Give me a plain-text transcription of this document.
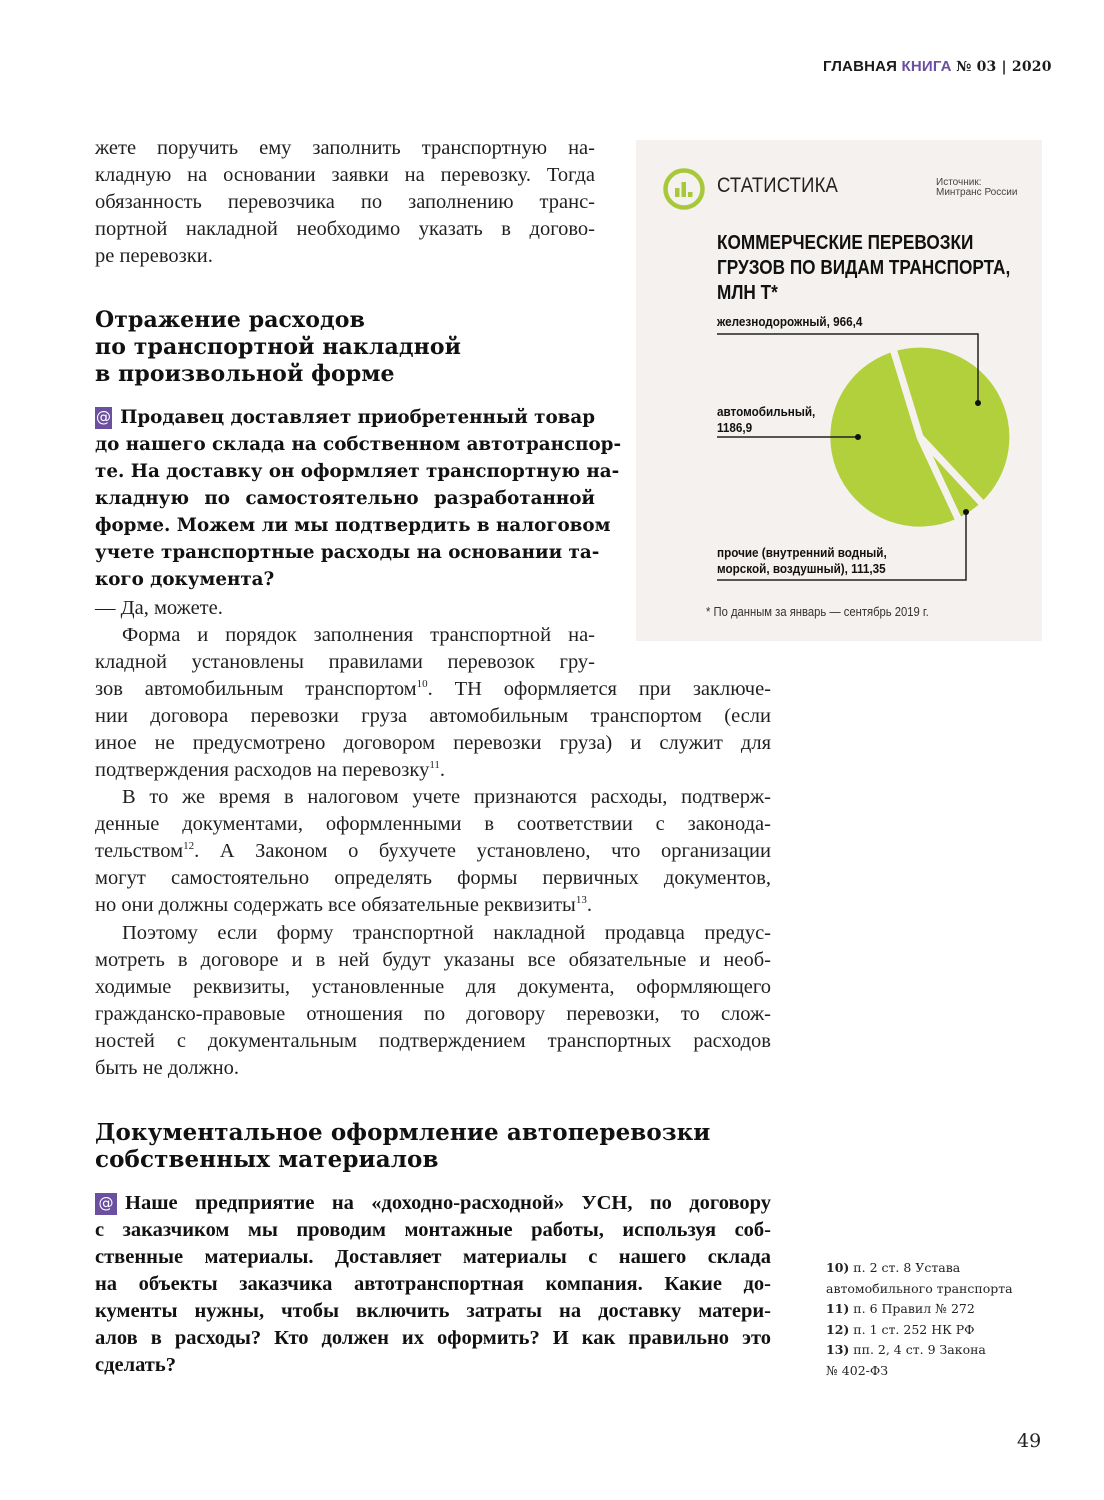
ГЛАВНАЯ КНИГА № 03 | 2020
жете поручить ему заполнить транспортную на-
кладную на основании заявки на перевозку. Тогда
обязанность перевозчика по заполнению транс-
портной накладной необходимо указать в догово-
ре перевозки.
Отражение расходов
по транспортной накладной
в произвольной форме
@ Продавец доставляет приобретенный товар
до нашего склада на собственном автотранспор-
те. На доставку он оформляет транспортную на-
кладную по самостоятельно разработанной
форме. Можем ли мы подтвердить в налоговом
учете транспортные расходы на основании та-
кого документа?
— Да, можете.
Форма и порядок заполнения транспортной на-
кладной установлены правилами перевозок гру-
зов автомобильным транспортом$^{10}$. ТН оформляется при заключе-
нии договора перевозки груза автомобильным транспортом (если
иное не предусмотрено договором перевозки груза) и служит для
подтверждения расходов на перевозку$^{11}$.
В то же время в налоговом учете признаются расходы, подтверж-
денные документами, оформленными в соответствии с законода-
тельством$^{12}$. А Законом о бухучете установлено, что организации
могут самостоятельно определять формы первичных документов,
но они должны содержать все обязательные реквизиты$^{13}$.
Поэтому если форму транспортной накладной продавца предус-
мотреть в договоре и в ней будут указаны все обязательные и необ-
ходимые реквизиты, установленные для документа, оформляющего
гражданско-правовые отношения по договору перевозки, то слож-
ностей с документальным подтверждением транспортных расходов
быть не должно.
Документальное оформление автоперевозки
собственных материалов
@ Наше предприятие на «доходно-расходной» УСН, по договору
с заказчиком мы проводим монтажные работы, используя соб-
ственные материалы. Доставляет материалы с нашего склада
на объекты заказчика автотранспортная компания. Какие до-
кументы нужны, чтобы включить затраты на доставку матери-
алов в расходы? Кто должен их оформить? И как правильно это
сделать?
СТАТИСТИКА	Источник:
Минтранс России
КОММЕРЧЕСКИЕ ПЕРЕВОЗКИ
ГРУЗОВ ПО ВИДАМ ТРАНСПОРТА,
МЛН Т*
железнодорожный, 966,4
автомобильный,
1186,9
прочие (внутренний водный,
морской, воздушный), 111,35
* По данным за январь — сентябрь 2019 г.
10) п. 2 ст. 8 Устава
автомобильного транспорта
11) п. 6 Правил № 272
12) п. 1 ст. 252 НК РФ
13) пп. 2, 4 ст. 9 Закона
№ 402-ФЗ
49
